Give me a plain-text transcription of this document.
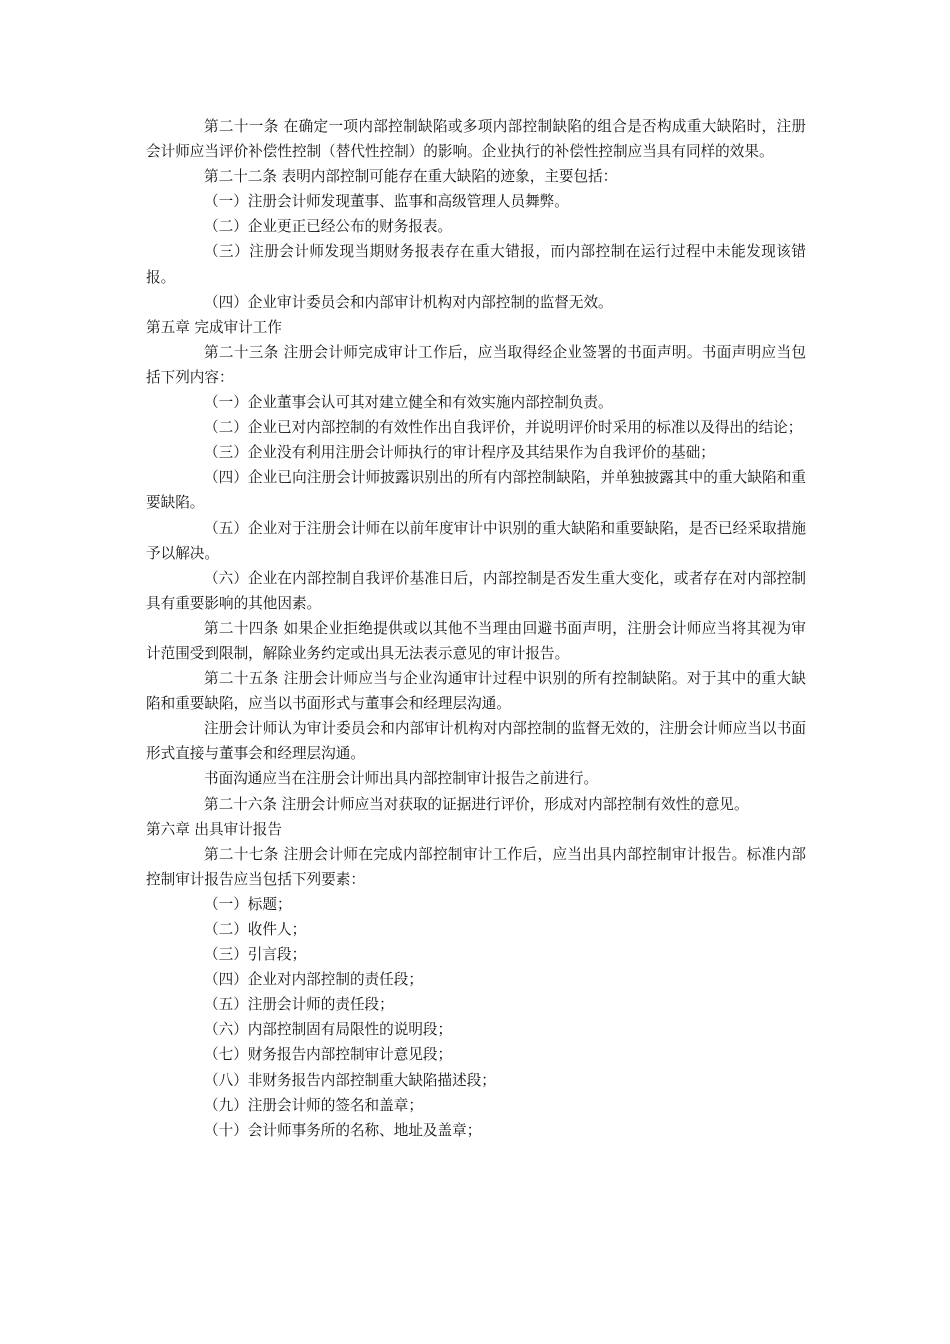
第二十一条 在确定一项内部控制缺陷或多项内部控制缺陷的组合是否构成重大缺陷时，注册会计师应当评价补偿性控制（替代性控制）的影响。企业执行的补偿性控制应当具有同样的效果。

第二十二条 表明内部控制可能存在重大缺陷的迹象，主要包括：

（一）注册会计师发现董事、监事和高级管理人员舞弊。

（二）企业更正已经公布的财务报表。

（三）注册会计师发现当期财务报表存在重大错报，而内部控制在运行过程中未能发现该错报。

（四）企业审计委员会和内部审计机构对内部控制的监督无效。

第五章 完成审计工作

第二十三条 注册会计师完成审计工作后，应当取得经企业签署的书面声明。书面声明应当包括下列内容：

（一）企业董事会认可其对建立健全和有效实施内部控制负责。

（二）企业已对内部控制的有效性作出自我评价，并说明评价时采用的标准以及得出的结论；

（三）企业没有利用注册会计师执行的审计程序及其结果作为自我评价的基础；

（四）企业已向注册会计师披露识别出的所有内部控制缺陷，并单独披露其中的重大缺陷和重要缺陷。

（五）企业对于注册会计师在以前年度审计中识别的重大缺陷和重要缺陷，是否已经采取措施予以解决。

（六）企业在内部控制自我评价基准日后，内部控制是否发生重大变化，或者存在对内部控制具有重要影响的其他因素。

第二十四条 如果企业拒绝提供或以其他不当理由回避书面声明，注册会计师应当将其视为审计范围受到限制，解除业务约定或出具无法表示意见的审计报告。

第二十五条 注册会计师应当与企业沟通审计过程中识别的所有控制缺陷。对于其中的重大缺陷和重要缺陷，应当以书面形式与董事会和经理层沟通。

注册会计师认为审计委员会和内部审计机构对内部控制的监督无效的，注册会计师应当以书面形式直接与董事会和经理层沟通。

书面沟通应当在注册会计师出具内部控制审计报告之前进行。

第二十六条 注册会计师应当对获取的证据进行评价，形成对内部控制有效性的意见。

第六章 出具审计报告

第二十七条 注册会计师在完成内部控制审计工作后，应当出具内部控制审计报告。标准内部控制审计报告应当包括下列要素：

（一）标题；

（二）收件人；

（三）引言段；

（四）企业对内部控制的责任段；

（五）注册会计师的责任段；

（六）内部控制固有局限性的说明段；

（七）财务报告内部控制审计意见段；

（八）非财务报告内部控制重大缺陷描述段；

（九）注册会计师的签名和盖章；

（十）会计师事务所的名称、地址及盖章；
